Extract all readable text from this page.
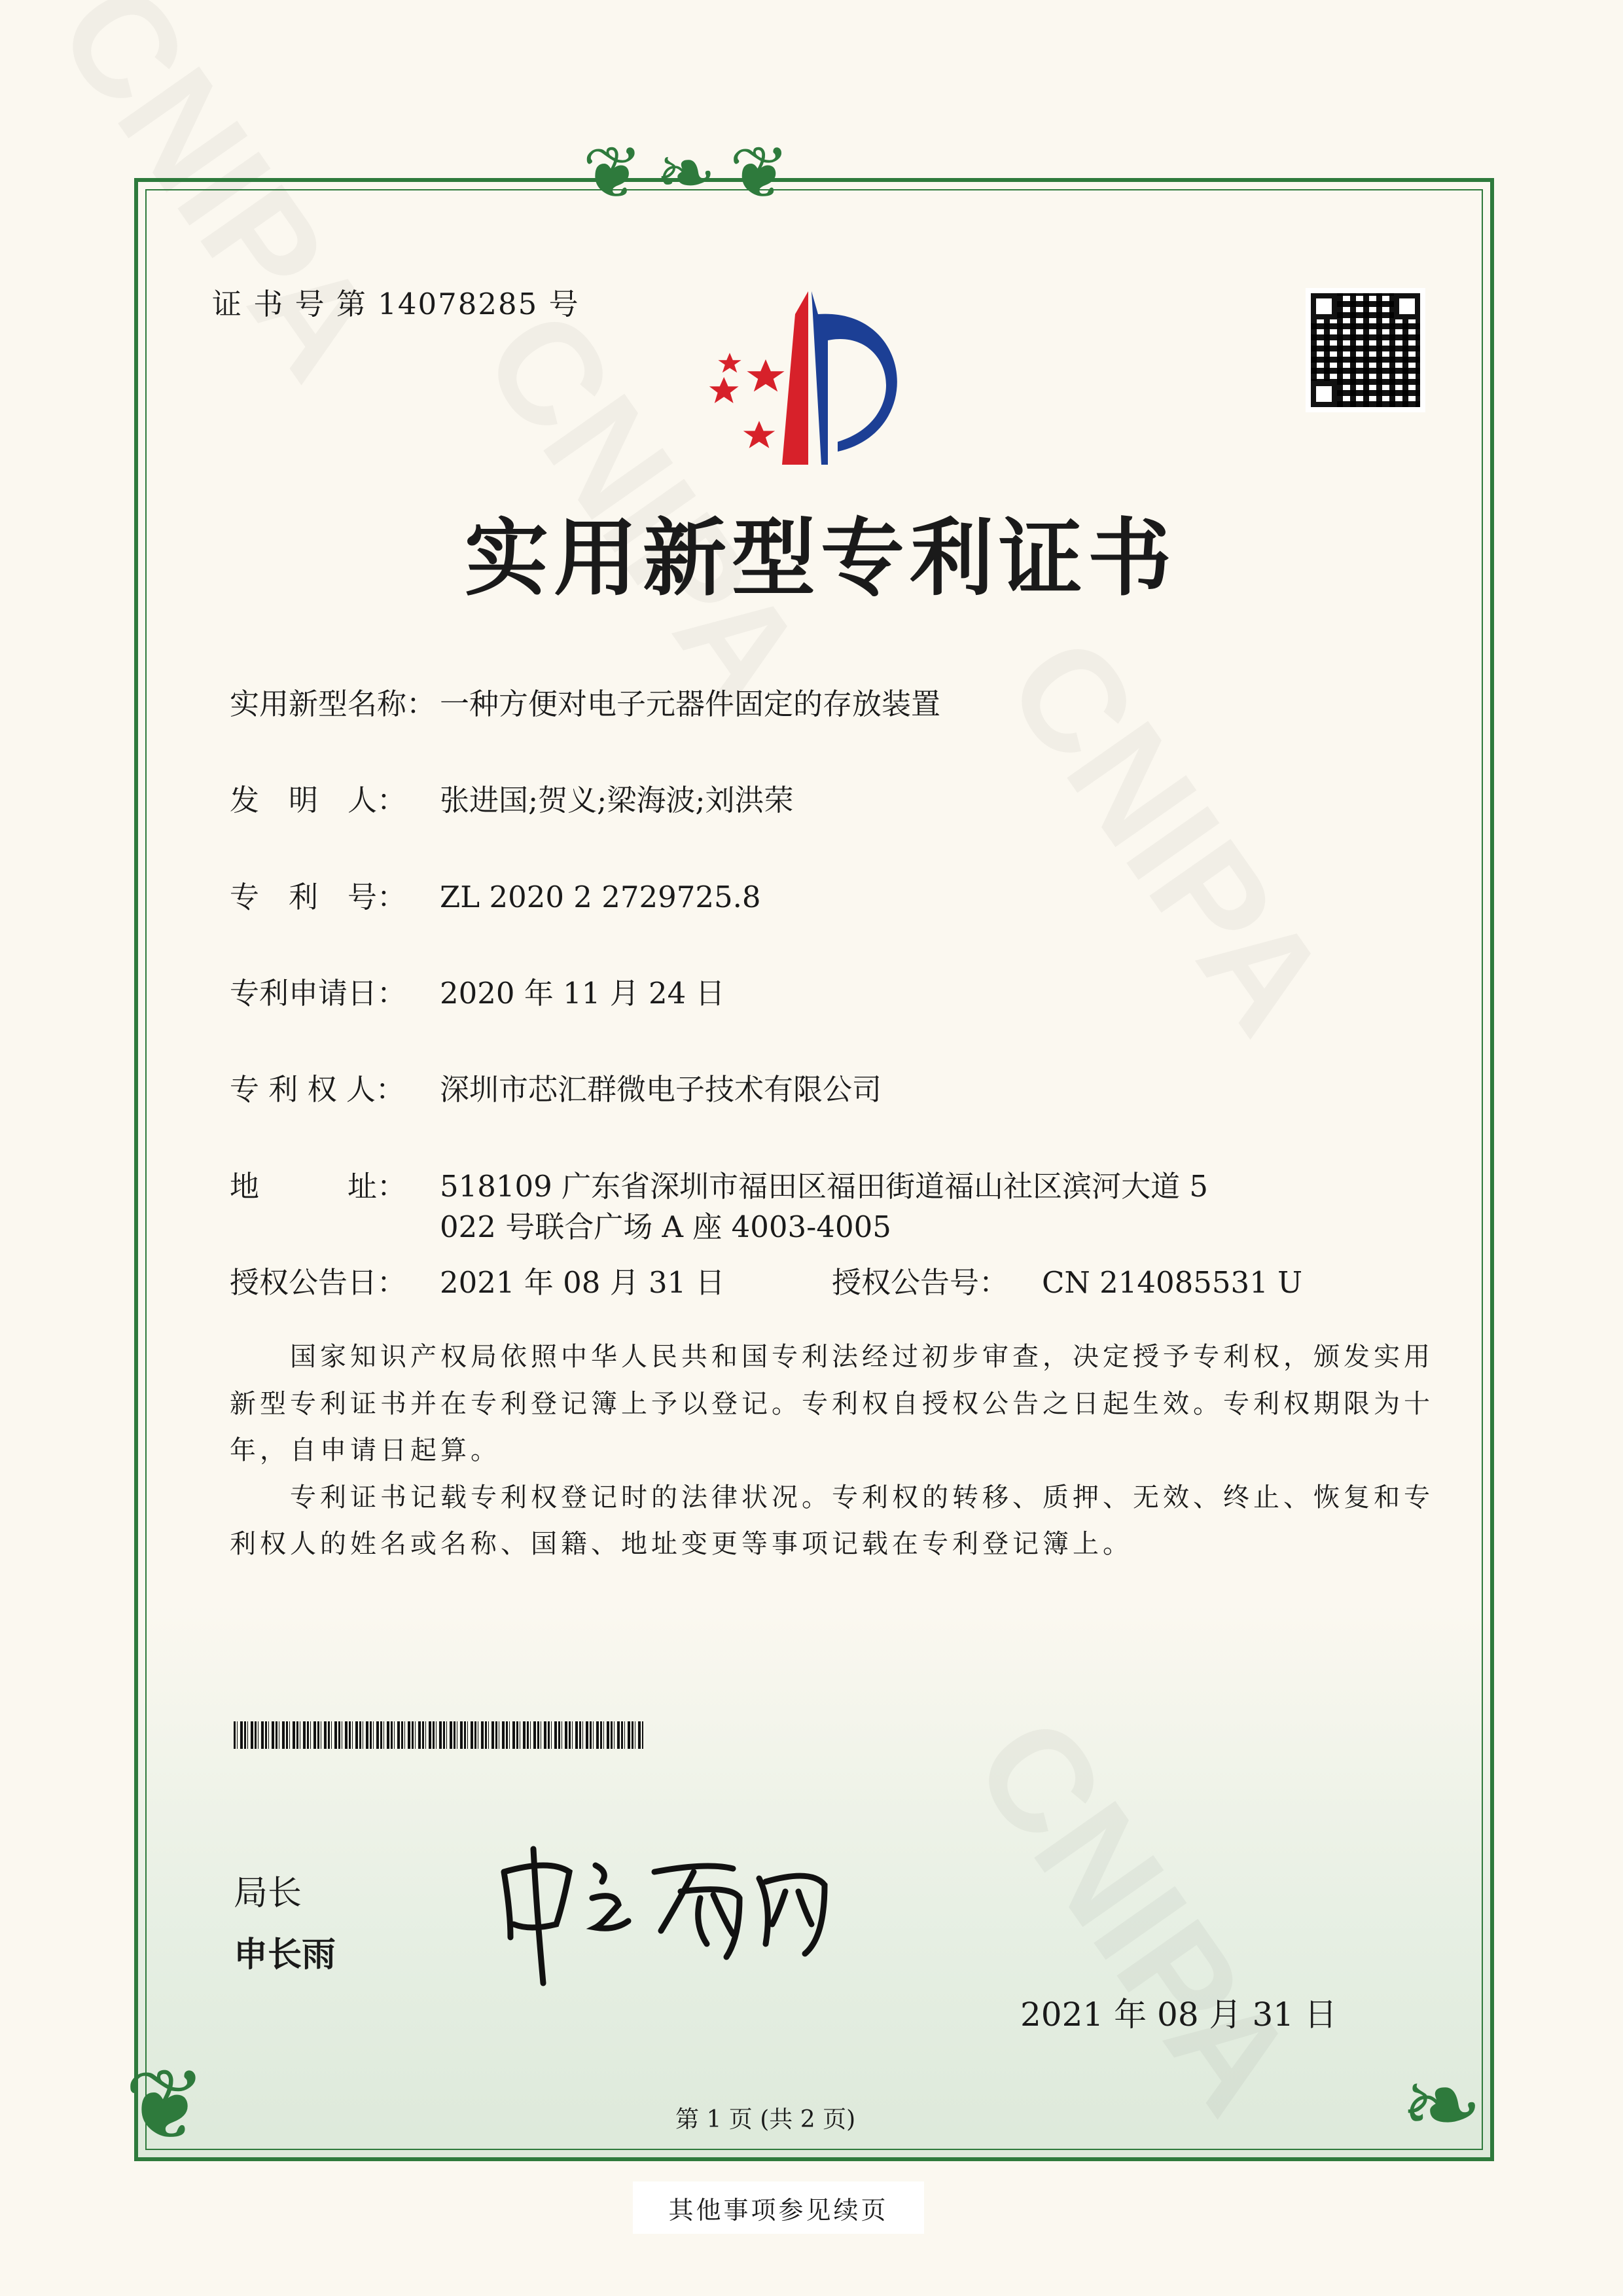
❦❧❦
❦	❧
证 书 号 第 14078285 号
实用新型专利证书
实用新型名称： 一种方便对电子元器件固定的存放装置
发　明　人： 张进国;贺义;梁海波;刘洪荣
专　利　号： ZL 2020 2 2729725.8
专利申请日： 2020 年 11 月 24 日
专 利 权 人： 深圳市芯汇群微电子技术有限公司
地　　　址： 518109 广东省深圳市福田区福田街道福山社区滨河大道 5
022 号联合广场 A 座 4003-4005
授权公告日： 2021 年 08 月 31 日	授权公告号： CN 214085531 U
　　国家知识产权局依照中华人民共和国专利法经过初步审查，决定授予专利权，颁发实用
新型专利证书并在专利登记簿上予以登记。专利权自授权公告之日起生效。专利权期限为十
年，自申请日起算。
　　专利证书记载专利权登记时的法律状况。专利权的转移、质押、无效、终止、恢复和专
利权人的姓名或名称、国籍、地址变更等事项记载在专利登记簿上。
局长
申长雨
2021 年 08 月 31 日
第 1 页 (共 2 页)
其他事项参见续页
